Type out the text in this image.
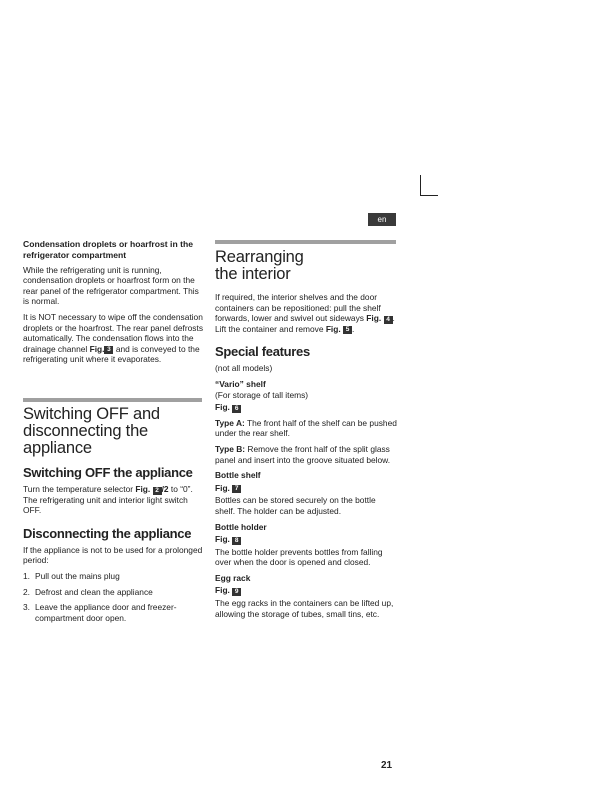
en
Condensation droplets or hoarfrost in the refrigerator compartment

While the refrigerating unit is running, condensation droplets or hoarfrost form on the rear panel of the refrigerator compartment. This is normal.

It is NOT necessary to wipe off the condensation droplets or the hoarfrost. The rear panel defrosts automatically. The condensation flows into the drainage channel Fig. 3 and is conveyed to the refrigerating unit where it evaporates.

Switching OFF and disconnecting the appliance
Switching OFF the appliance

Turn the temperature selector Fig. 2 /2 to “0”. The refrigerating unit and interior light switch OFF.

Disconnecting the appliance

If the appliance is not to be used for a prolonged period:

1. Pull out the mains plug
2. Defrost and clean the appliance
3. Leave the appliance door and freezer-compartment door open.
Rearranging the interior

If required, the interior shelves and the door containers can be repositioned: pull the shelf forwards, lower and swivel out sideways Fig. 4 . Lift the container and remove Fig. 5 .

Special features

(not all models)

“Vario” shelf
(For storage of tall items)

Fig. 6

Type A: The front half of the shelf can be pushed under the rear shelf.

Type B: Remove the front half of the split glass panel and insert into the groove situated below.

Bottle shelf

Fig. 7

Bottles can be stored securely on the bottle shelf. The holder can be adjusted.

Bottle holder

Fig. 8

The bottle holder prevents bottles from falling over when the door is opened and closed.

Egg rack

Fig. 9

The egg racks in the containers can be lifted up, allowing the storage of tubes, small tins, etc.

21
